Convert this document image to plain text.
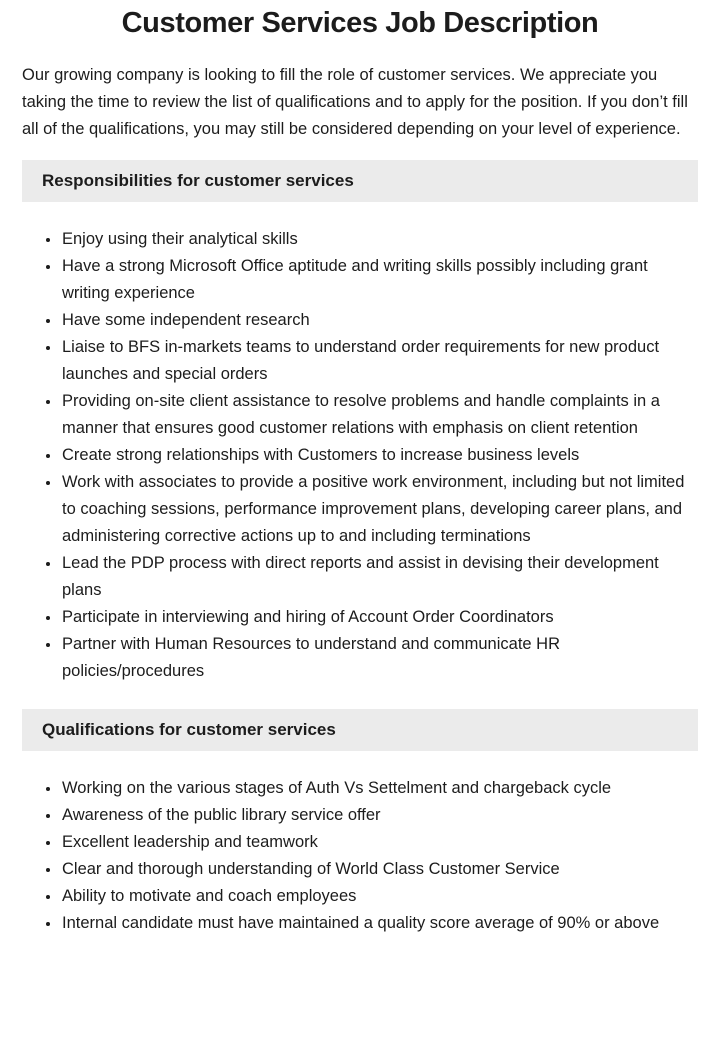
Customer Services Job Description

Our growing company is looking to fill the role of customer services. We appreciate you taking the time to review the list of qualifications and to apply for the position. If you don’t fill all of the qualifications, you may still be considered depending on your level of experience.

Responsibilities for customer services
• Enjoy using their analytical skills
• Have a strong Microsoft Office aptitude and writing skills possibly including grant writing experience
• Have some independent research
• Liaise to BFS in-markets teams to understand order requirements for new product launches and special orders
• Providing on-site client assistance to resolve problems and handle complaints in a manner that ensures good customer relations with emphasis on client retention
• Create strong relationships with Customers to increase business levels
• Work with associates to provide a positive work environment, including but not limited to coaching sessions, performance improvement plans, developing career plans, and administering corrective actions up to and including terminations
• Lead the PDP process with direct reports and assist in devising their development plans
• Participate in interviewing and hiring of Account Order Coordinators
• Partner with Human Resources to understand and communicate HR policies/procedures
Qualifications for customer services
• Working on the various stages of Auth Vs Settelment and chargeback cycle
• Awareness of the public library service offer
• Excellent leadership and teamwork
• Clear and thorough understanding of World Class Customer Service
• Ability to motivate and coach employees
• Internal candidate must have maintained a quality score average of 90% or above
